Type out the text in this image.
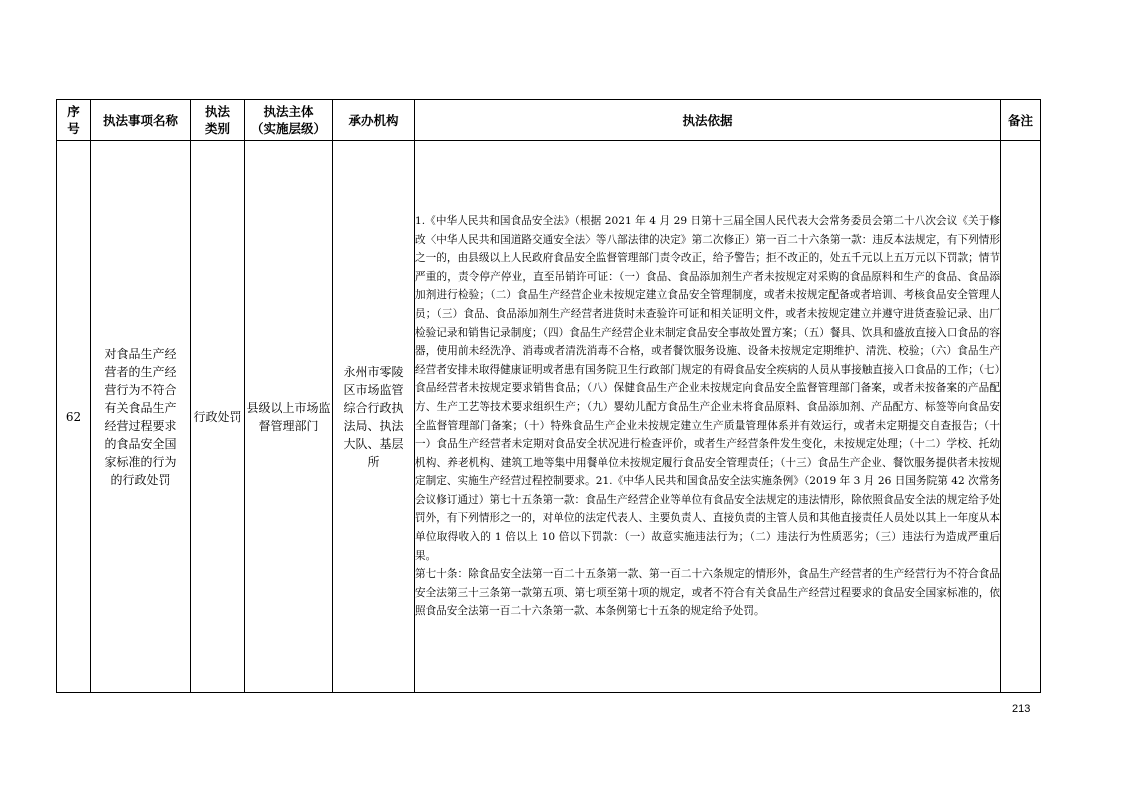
序
号	执法事项名称	执法
类别	执法主体
（实施层级）	承办机构	执法依据	备注
62	对食品生产经营者的生产经营行为不符合有关食品生产经营过程要求的食品安全国家标准的行为的行政处罚	行政处罚	县级以上市场监督管理部门	永州市零陵区市场监管综合行政执法局、执法大队、基层所	1.《中华人民共和国食品安全法》（根据 2021 年 4 月 29 日第十三届全国人民代表大会常务委员会第二十八次会议《关于修改〈中华人民共和国道路交通安全法〉等八部法律的决定》第二次修正）第一百二十六条第一款：违反本法规定，有下列情形之一的，由县级以上人民政府食品安全监督管理部门责令改正，给予警告；拒不改正的，处五千元以上五万元以下罚款；情节严重的，责令停产停业，直至吊销许可证：（一）食品、食品添加剂生产者未按规定对采购的食品原料和生产的食品、食品添加剂进行检验；（二）食品生产经营企业未按规定建立食品安全管理制度，或者未按规定配备或者培训、考核食品安全管理人员；（三）食品、食品添加剂生产经营者进货时未查验许可证和相关证明文件，或者未按规定建立并遵守进货查验记录、出厂检验记录和销售记录制度；（四）食品生产经营企业未制定食品安全事故处置方案；（五）餐具、饮具和盛放直接入口食品的容器，使用前未经洗净、消毒或者清洗消毒不合格，或者餐饮服务设施、设备未按规定定期维护、清洗、校验；（六）食品生产经营者安排未取得健康证明或者患有国务院卫生行政部门规定的有碍食品安全疾病的人员从事接触直接入口食品的工作；（七）食品经营者未按规定要求销售食品；（八）保健食品生产企业未按规定向食品安全监督管理部门备案，或者未按备案的产品配方、生产工艺等技术要求组织生产；（九）婴幼儿配方食品生产企业未将食品原料、食品添加剂、产品配方、标签等向食品安全监督管理部门备案；（十）特殊食品生产企业未按规定建立生产质量管理体系并有效运行，或者未定期提交自查报告；（十一）食品生产经营者未定期对食品安全状况进行检查评价，或者生产经营条件发生变化，未按规定处理；（十二）学校、托幼机构、养老机构、建筑工地等集中用餐单位未按规定履行食品安全管理责任；（十三）食品生产企业、餐饮服务提供者未按规定制定、实施生产经营过程控制要求。21.《中华人民共和国食品安全法实施条例》（2019 年 3 月 26 日国务院第 42 次常务会议修订通过）第七十五条第一款：食品生产经营企业等单位有食品安全法规定的违法情形，除依照食品安全法的规定给予处罚外，有下列情形之一的，对单位的法定代表人、主要负责人、直接负责的主管人员和其他直接责任人员处以其上一年度从本单位取得收入的 1 倍以上 10 倍以下罚款：（一）故意实施违法行为；（二）违法行为性质恶劣；（三）违法行为造成严重后果。

第七十条：除食品安全法第一百二十五条第一款、第一百二十六条规定的情形外，食品生产经营者的生产经营行为不符合食品安全法第三十三条第一款第五项、第七项至第十项的规定，或者不符合有关食品生产经营过程要求的食品安全国家标准的，依照食品安全法第一百二十六条第一款、本条例第七十五条的规定给予处罚。	

213
